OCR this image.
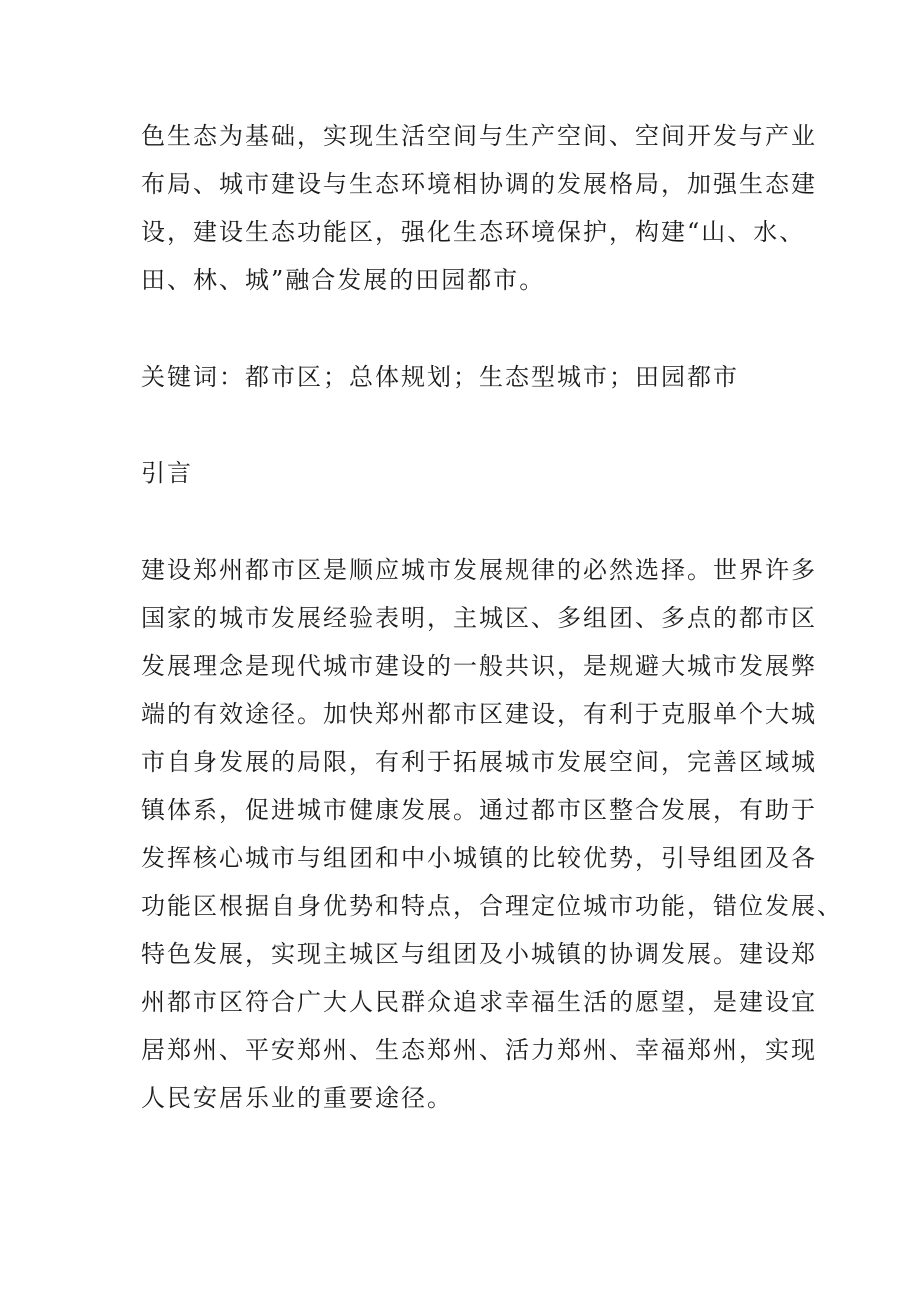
色生态为基础，实现生活空间与生产空间、空间开发与产业
布局、城市建设与生态环境相协调的发展格局，加强生态建
设，建设生态功能区，强化生态环境保护，构建“山、水、
田、林、城”融合发展的田园都市。
关键词：都市区；总体规划；生态型城市；田园都市
引言
建设郑州都市区是顺应城市发展规律的必然选择。世界许多
国家的城市发展经验表明，主城区、多组团、多点的都市区
发展理念是现代城市建设的一般共识，是规避大城市发展弊
端的有效途径。加快郑州都市区建设，有利于克服单个大城
市自身发展的局限，有利于拓展城市发展空间，完善区域城
镇体系，促进城市健康发展。通过都市区整合发展，有助于
发挥核心城市与组团和中小城镇的比较优势，引导组团及各
功能区根据自身优势和特点，合理定位城市功能，错位发展、
特色发展，实现主城区与组团及小城镇的协调发展。建设郑
州都市区符合广大人民群众追求幸福生活的愿望，是建设宜
居郑州、平安郑州、生态郑州、活力郑州、幸福郑州，实现
人民安居乐业的重要途径。
